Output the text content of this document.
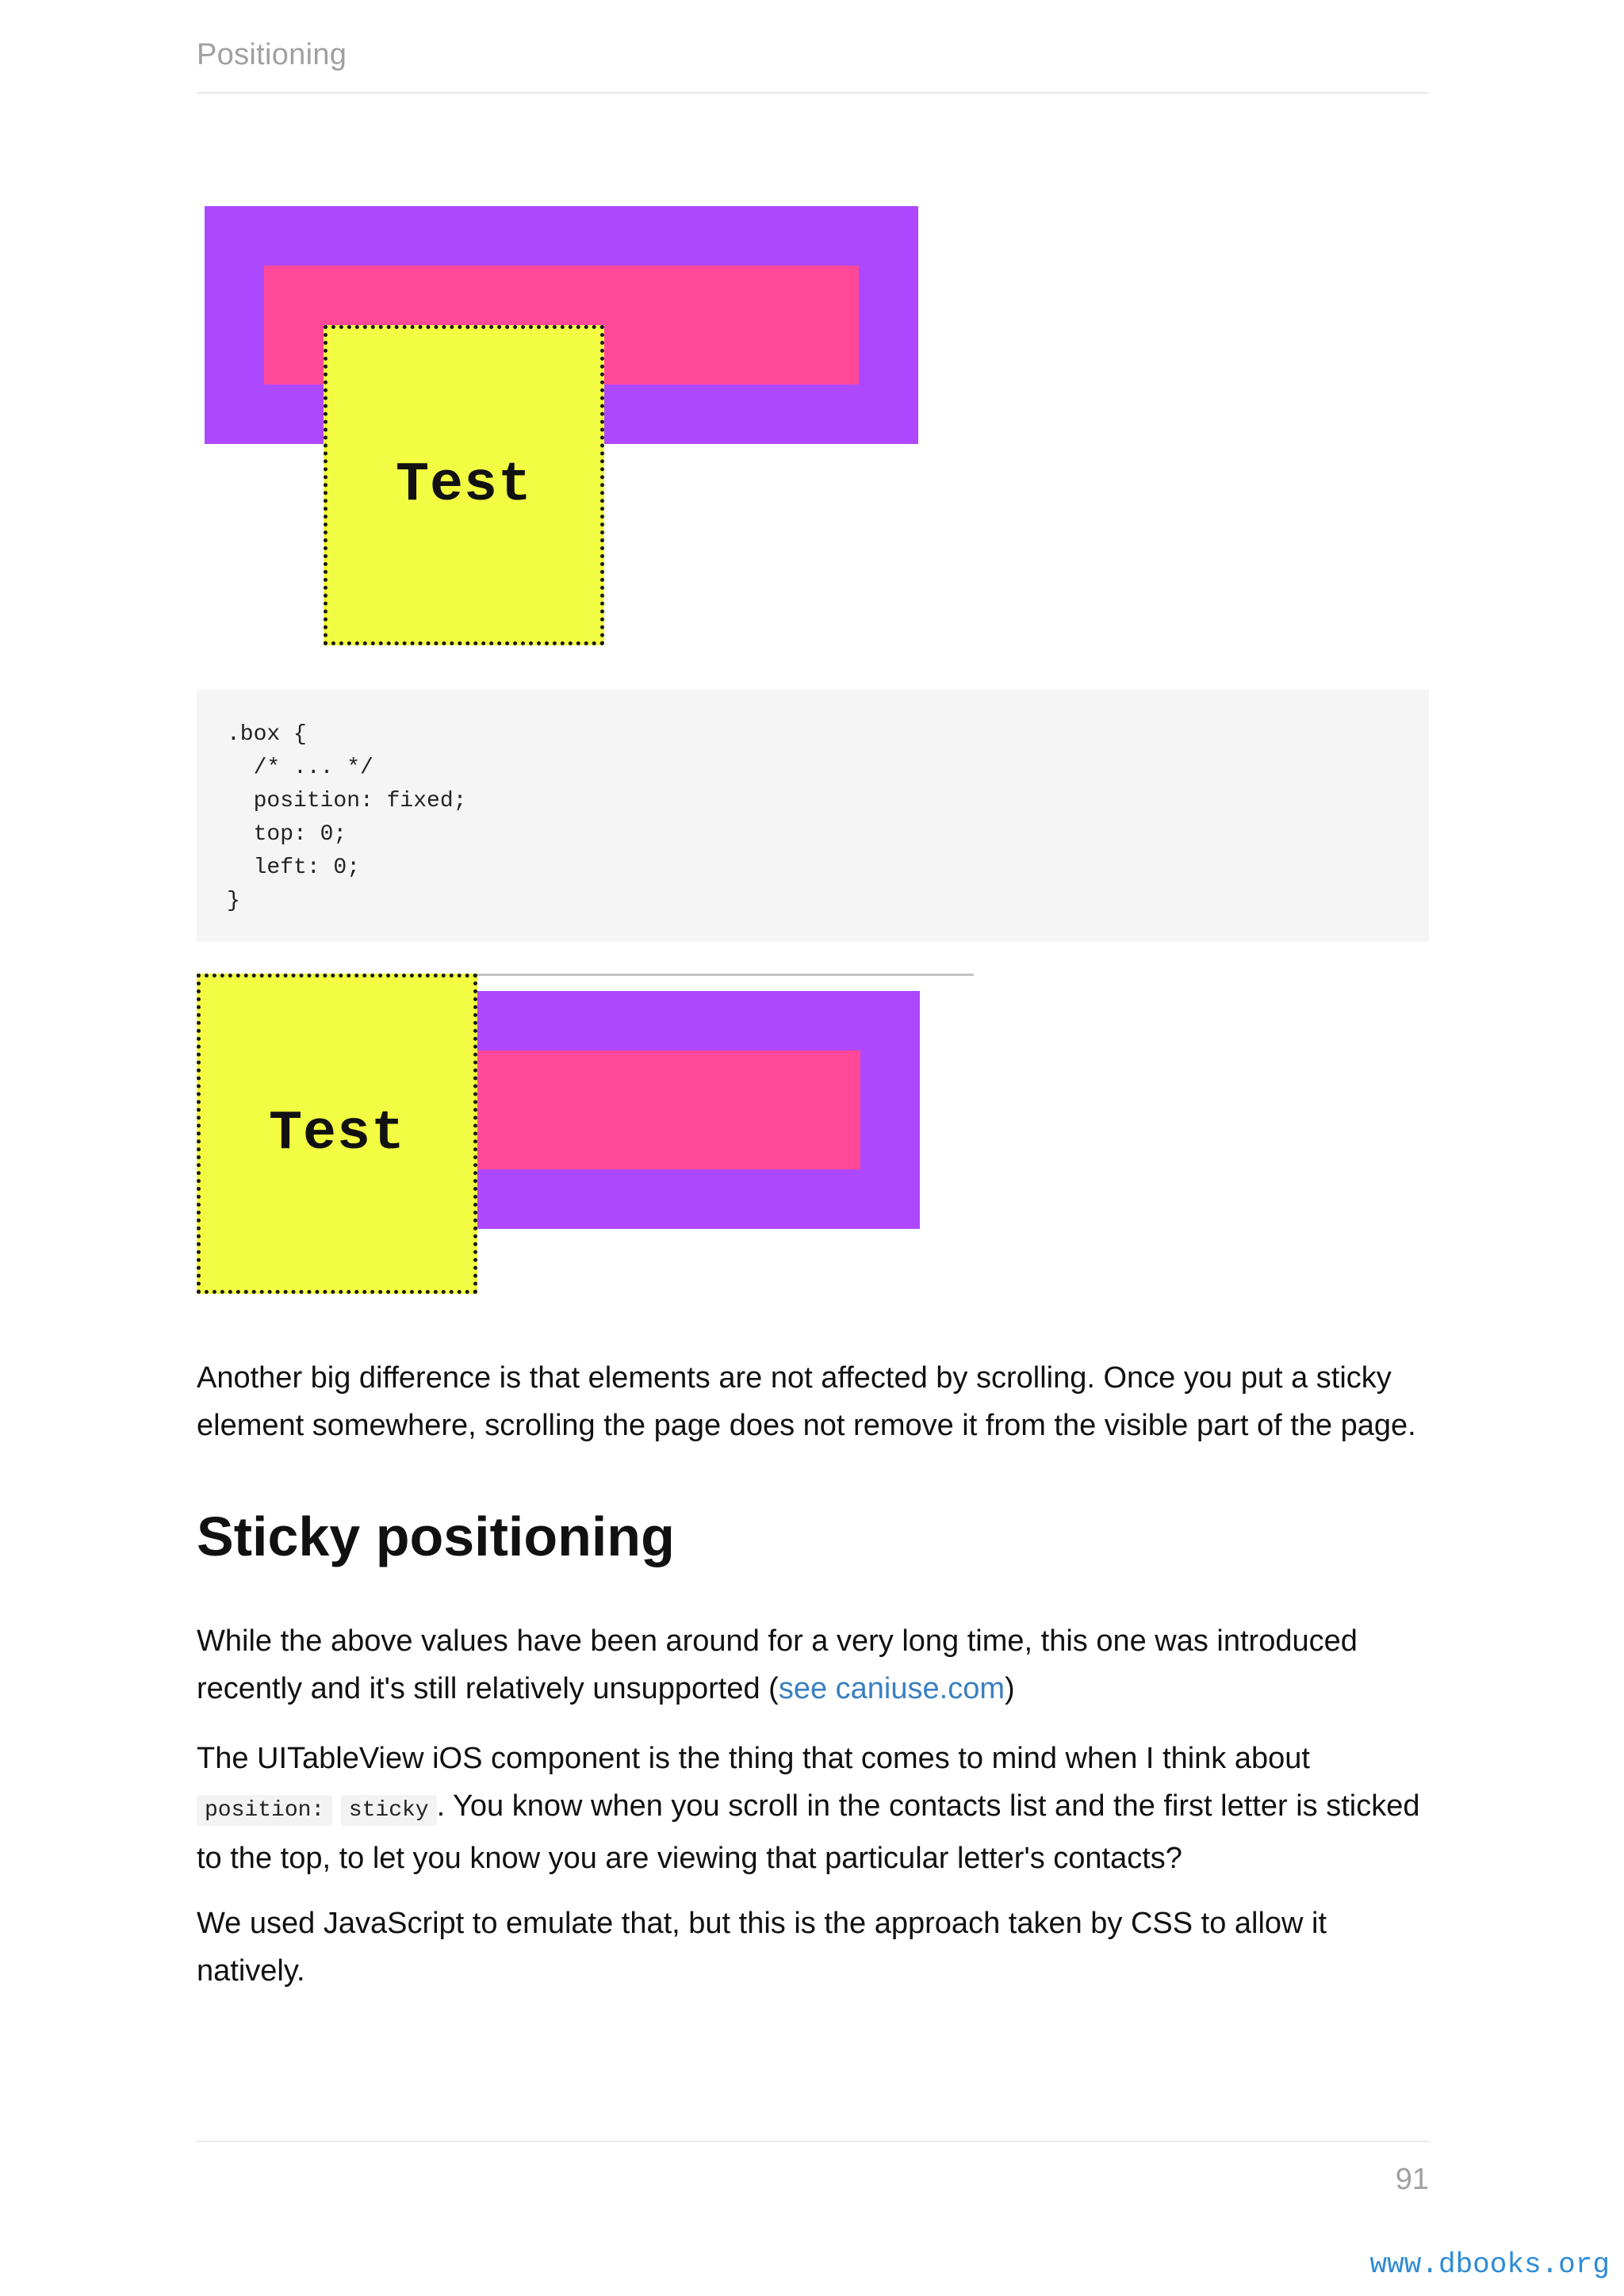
Positioning
Test
.box {
/* ... */
position: fixed;
top: 0;
left: 0;
}
Test

Another big difference is that elements are not affected by scrolling. Once you put a sticky element somewhere, scrolling the page does not remove it from the visible part of the page.

Sticky positioning

While the above values have been around for a very long time, this one was introduced recently and it's still relatively unsupported (see caniuse.com)

The UITableView iOS component is the thing that comes to mind when I think about position: sticky . You know when you scroll in the contacts list and the first letter is sticked to the top, to let you know you are viewing that particular letter's contacts?

We used JavaScript to emulate that, but this is the approach taken by CSS to allow it natively.

91
www.dbooks.org
